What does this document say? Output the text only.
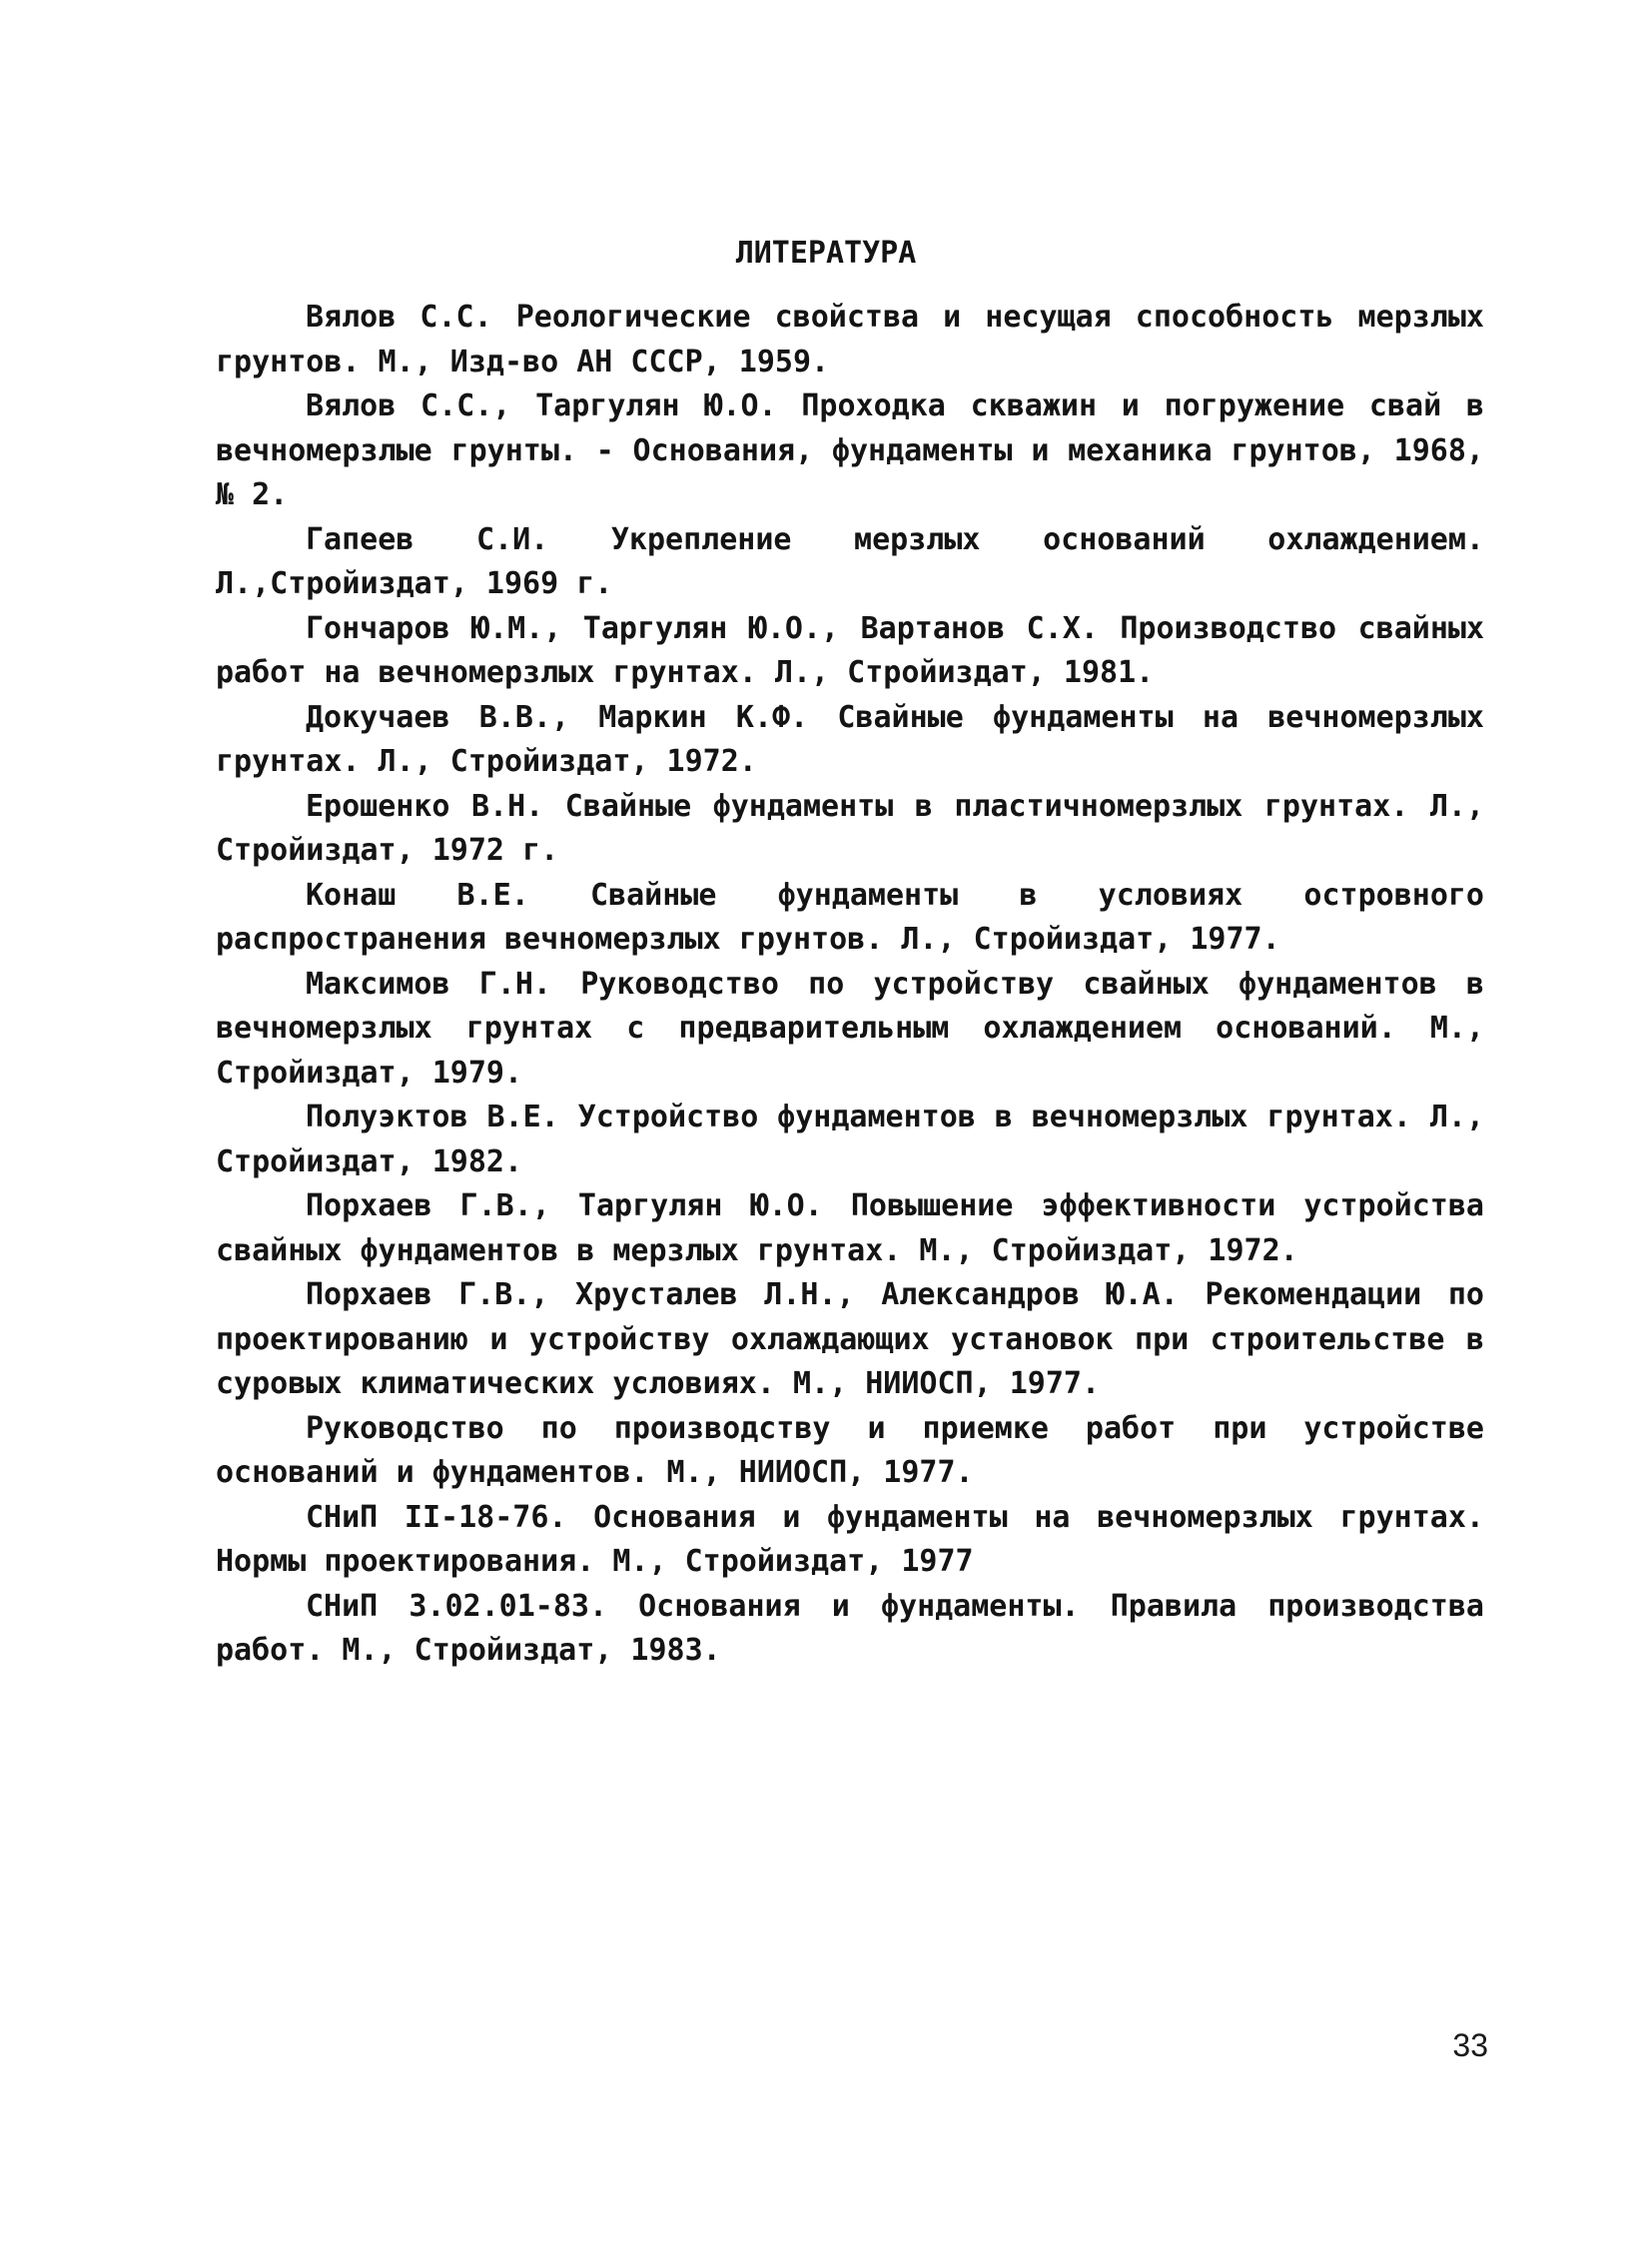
ЛИТЕРАТУРА

Вялов С.С. Реологические свойства и несущая способность мерзлых грунтов. М., Изд-во АН СССР, 1959.

Вялов С.С., Таргулян Ю.О. Проходка скважин и погружение свай в вечномерзлые грунты. - Основания, фундаменты и механика грунтов, 1968, № 2.

Гапеев С.И. Укрепление мерзлых оснований охлаждением. Л.,Стройиздат, 1969 г.

Гончаров Ю.М., Таргулян Ю.О., Вартанов С.Х. Производство свайных работ на вечномерзлых грунтах. Л., Стройиздат, 1981.

Докучаев В.В., Маркин К.Ф. Свайные фундаменты на вечномерзлых грунтах. Л., Стройиздат, 1972.

Ерошенко В.Н. Свайные фундаменты в пластичномерзлых грунтах. Л., Стройиздат, 1972 г.

Конаш В.Е. Свайные фундаменты в условиях островного распространения вечномерзлых грунтов. Л., Стройиздат, 1977.

Максимов Г.Н. Руководство по устройству свайных фундаментов в вечномерзлых грунтах с предварительным охлаждением оснований. М., Стройиздат, 1979.

Полуэктов В.Е. Устройство фундаментов в вечномерзлых грунтах. Л., Стройиздат, 1982.

Порхаев Г.В., Таргулян Ю.О. Повышение эффективности устройства свайных фундаментов в мерзлых грунтах. М., Стройиздат, 1972.

Порхаев Г.В., Хрусталев Л.Н., Александров Ю.А. Рекомендации по проектированию и устройству охлаждающих установок при строительстве в суровых климатических условиях. М., НИИОСП, 1977.

Руководство по производству и приемке работ при устройстве оснований и фундаментов. М., НИИОСП, 1977.

СНиП II-18-76. Основания и фундаменты на вечномерзлых грунтах. Нормы проектирования. М., Стройиздат, 1977

СНиП 3.02.01-83. Основания и фундаменты. Правила производства работ. М., Стройиздат, 1983.

33
